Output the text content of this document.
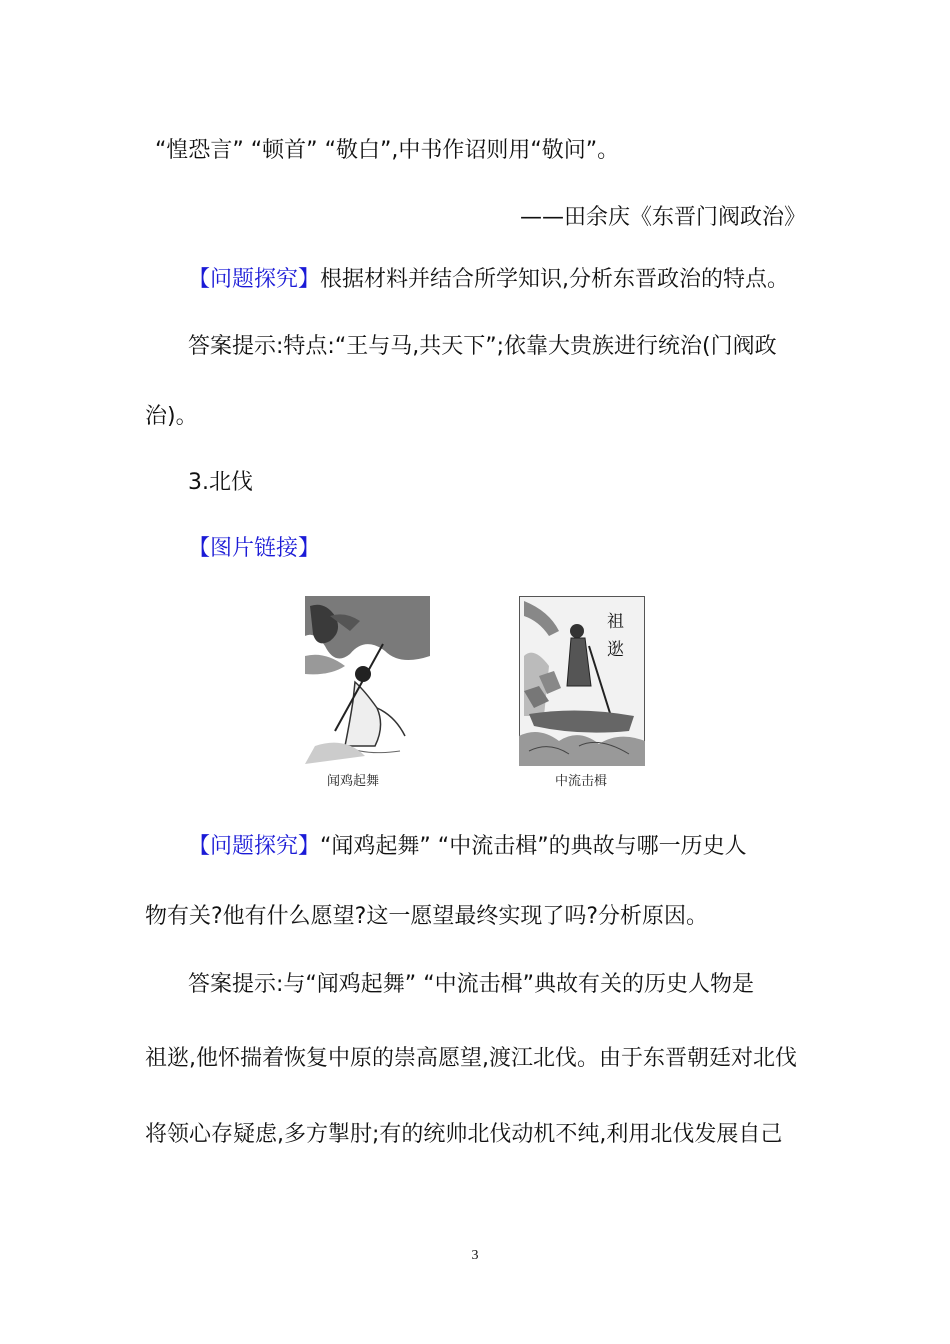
“惶恐言” “顿首” “敬白”,中书作诏则用“敬问”。
——田余庆《东晋门阀政治》
【问题探究】根据材料并结合所学知识,分析东晋政治的特点。
答案提示:特点:“王与马,共天下”;依靠大贵族进行统治(门阀政
治)。
3.北伐
【图片链接】
闻鸡起舞
祖逖
中流击楫
【问题探究】“闻鸡起舞” “中流击楫”的典故与哪一历史人
物有关?他有什么愿望?这一愿望最终实现了吗?分析原因。
答案提示:与“闻鸡起舞” “中流击楫”典故有关的历史人物是
祖逖,他怀揣着恢复中原的崇高愿望,渡江北伐。由于东晋朝廷对北伐
将领心存疑虑,多方掣肘;有的统帅北伐动机不纯,利用北伐发展自己
3
